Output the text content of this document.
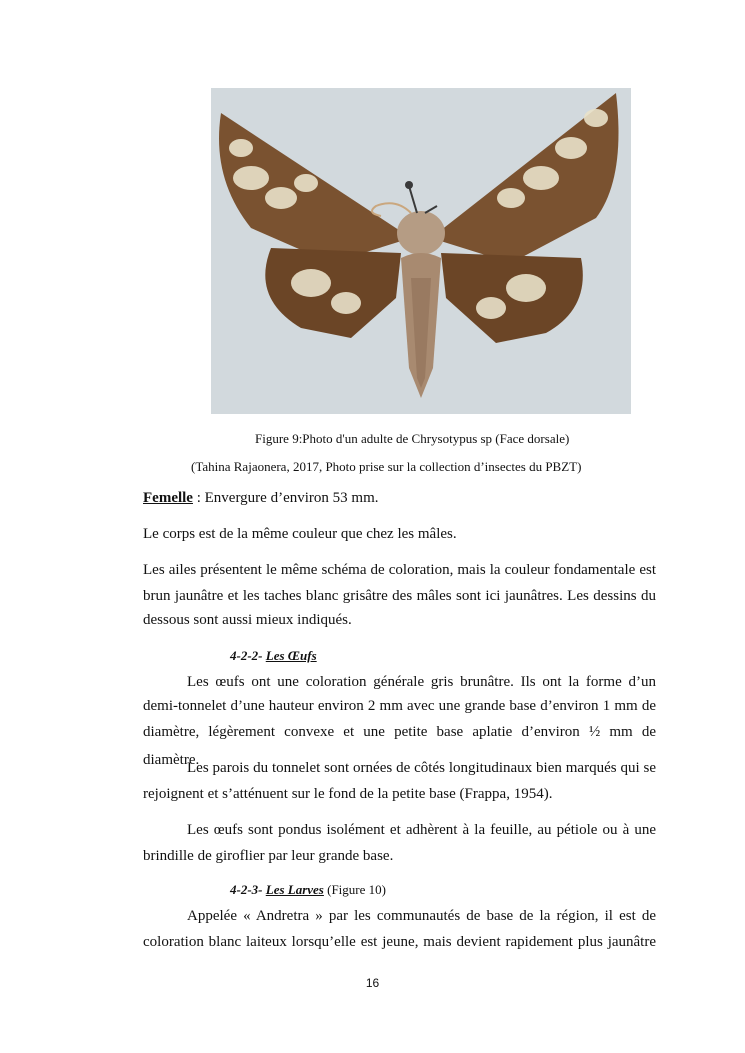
Figure 9:Photo d'un adulte de Chrysotypus sp (Face dorsale)
(Tahina Rajaonera, 2017, Photo prise sur la collection d’insectes du PBZT)
Femelle : Envergure d’environ 53 mm.
Le corps est de la même couleur que chez les mâles.
Les ailes présentent le même schéma de coloration, mais la couleur fondamentale est
brun jaunâtre et les taches blanc grisâtre des mâles sont ici jaunâtres. Les dessins du
dessous sont aussi mieux indiqués.
4-2-2- Les Œufs
Les œufs ont une coloration générale gris brunâtre. Ils ont la forme d’un
demi-tonnelet d’une hauteur environ 2 mm avec une grande base d’environ 1 mm de
diamètre, légèrement convexe et une petite base aplatie d’environ ½ mm de diamètre.
Les parois du tonnelet sont ornées de côtés longitudinaux bien marqués qui se
rejoignent et s’atténuent sur le fond de la petite base (Frappa, 1954).
Les œufs sont pondus isolément et adhèrent à la feuille, au pétiole ou à une
brindille de giroflier par leur grande base.
4-2-3- Les Larves (Figure 10)
Appelée « Andretra » par les communautés de base de la région, il est de
coloration blanc laiteux lorsqu’elle est jeune, mais devient rapidement plus jaunâtre
16
